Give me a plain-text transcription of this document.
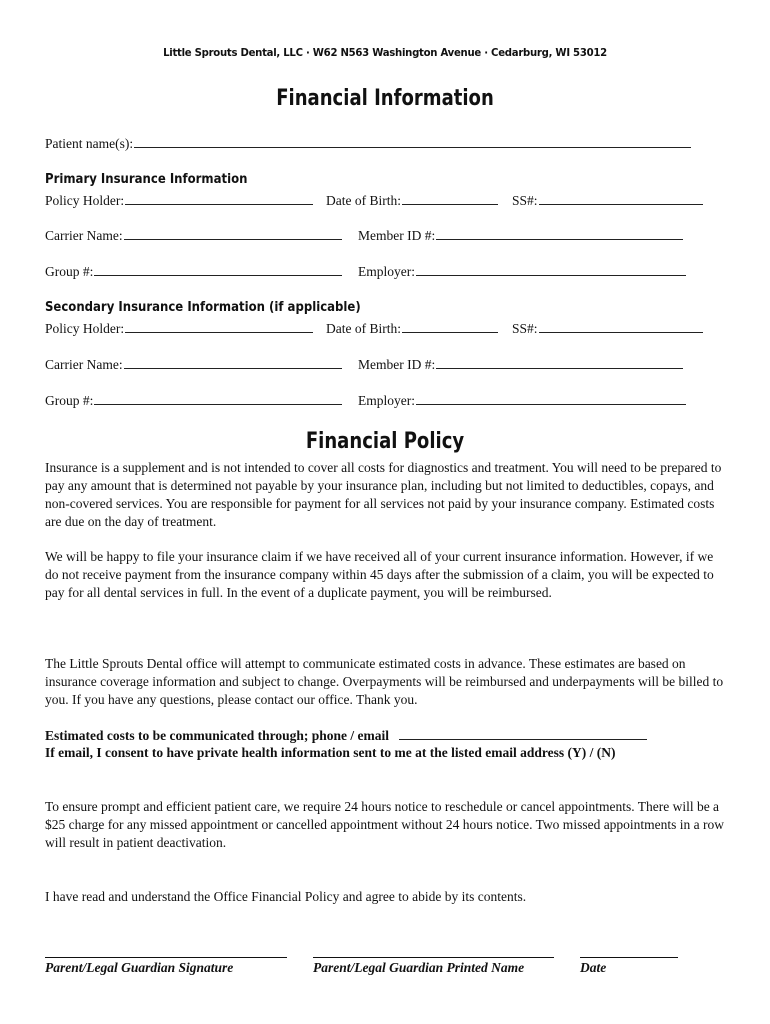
Little Sprouts Dental, LLC · W62 N563 Washington Avenue · Cedarburg, WI 53012
Financial Information
Patient name(s):
Primary Insurance Information
Policy Holder:	Date of Birth:	SS#:
Carrier Name:	Member ID #:
Group #:	Employer:
Secondary Insurance Information (if applicable)
Policy Holder:	Date of Birth:	SS#:
Carrier Name:	Member ID #:
Group #:	Employer:
Financial Policy
Insurance is a supplement and is not intended to cover all costs for diagnostics and treatment. You will need to be prepared to pay any amount that is determined not payable by your insurance plan, including but not limited to deductibles, copays, and non-covered services. You are responsible for payment for all services not paid by your insurance company. Estimated costs are due on the day of treatment.
We will be happy to file your insurance claim if we have received all of your current insurance information. However, if we do not receive payment from the insurance company within 45 days after the submission of a claim, you will be expected to pay for all dental services in full. In the event of a duplicate payment, you will be reimbursed.
The Little Sprouts Dental office will attempt to communicate estimated costs in advance. These estimates are based on insurance coverage information and subject to change. Overpayments will be reimbursed and underpayments will be billed to you. If you have any questions, please contact our office. Thank you.
Estimated costs to be communicated through; phone / email
If email, I consent to have private health information sent to me at the listed email address (Y) / (N)
To ensure prompt and efficient patient care, we require 24 hours notice to reschedule or cancel appointments. There will be a $25 charge for any missed appointment or cancelled appointment without 24 hours notice. Two missed appointments in a row will result in patient deactivation.
I have read and understand the Office Financial Policy and agree to abide by its contents.
Parent/Legal Guardian Signature	Parent/Legal Guardian Printed Name	Date
